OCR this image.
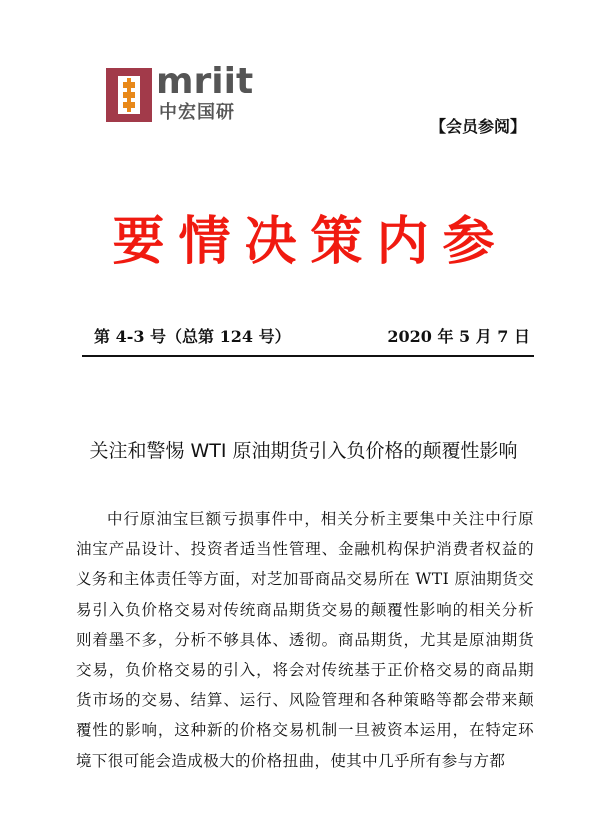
mriit
中宏国研
【会员参阅】
要情决策内参
第 4-3 号（总第 124 号）	2020 年 5 月 7 日
关注和警惕 WTI 原油期货引入负价格的颠覆性影响
中行原油宝巨额亏损事件中，相关分析主要集中关注中行原油宝产品设计、投资者适当性管理、金融机构保护消费者权益的义务和主体责任等方面，对芝加哥商品交易所在 WTI 原油期货交易引入负价格交易对传统商品期货交易的颠覆性影响的相关分析则着墨不多，分析不够具体、透彻。商品期货，尤其是原油期货交易，负价格交易的引入，将会对传统基于正价格交易的商品期货市场的交易、结算、运行、风险管理和各种策略等都会带来颠覆性的影响，这种新的价格交易机制一旦被资本运用，在特定环境下很可能会造成极大的价格扭曲，使其中几乎所有参与方都
